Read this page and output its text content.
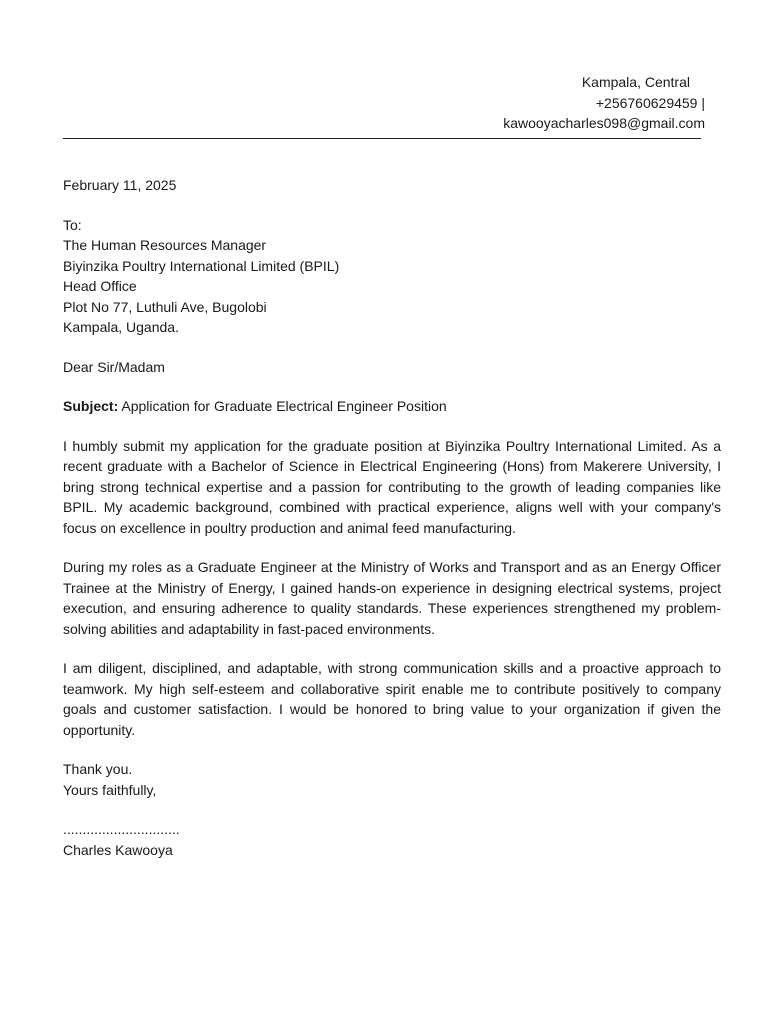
Kampala, Central
+256760629459 |
kawooyacharles098@gmail.com

February 11, 2025

To:

The Human Resources Manager

Biyinzika Poultry International Limited (BPIL)

Head Office

Plot No 77, Luthuli Ave, Bugolobi

Kampala, Uganda.

Dear Sir/Madam

Subject: Application for Graduate Electrical Engineer Position

I humbly submit my application for the graduate position at Biyinzika Poultry International Limited. As a recent graduate with a Bachelor of Science in Electrical Engineering (Hons) from Makerere University, I bring strong technical expertise and a passion for contributing to the growth of leading companies like BPIL. My academic background, combined with practical experience, aligns well with your company's focus on excellence in poultry production and animal feed manufacturing.

During my roles as a Graduate Engineer at the Ministry of Works and Transport and as an Energy Officer Trainee at the Ministry of Energy, I gained hands-on experience in designing electrical systems, project execution, and ensuring adherence to quality standards. These experiences strengthened my problem-solving abilities and adaptability in fast-paced environments.

I am diligent, disciplined, and adaptable, with strong communication skills and a proactive approach to teamwork. My high self-esteem and collaborative spirit enable me to contribute positively to company goals and customer satisfaction. I would be honored to bring value to your organization if given the opportunity.

Thank you.

Yours faithfully,

..............................

Charles Kawooya
